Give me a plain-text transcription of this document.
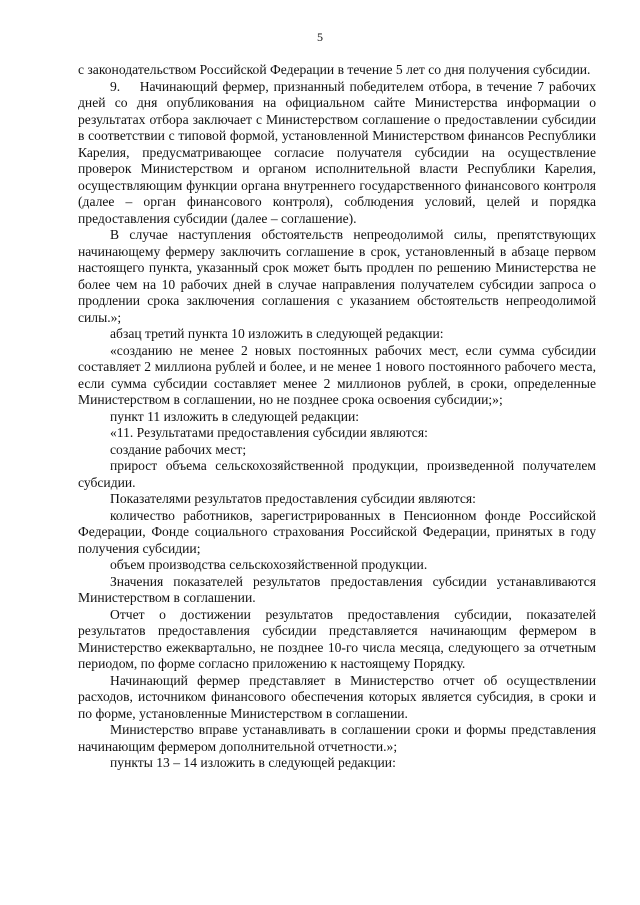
5

с законодательством Российской Федерации в течение 5 лет со дня получения субсидии.

9.    Начинающий фермер, признанный победителем отбора, в течение 7 рабочих дней со дня опубликования на официальном сайте Министерства информации о результатах отбора заключает с Министерством соглашение о предоставлении субсидии в соответствии с типовой формой, установленной Министерством финансов Республики Карелия, предусматривающее согласие получателя субсидии на осуществление проверок Министерством и органом исполнительной власти Республики Карелия, осуществляющим функции органа внутреннего государственного финансового контроля (далее – орган финансового контроля), соблюдения условий, целей и порядка предоставления субсидии (далее – соглашение).

В случае наступления обстоятельств непреодолимой силы, препятствующих начинающему фермеру заключить соглашение в срок, установленный в абзаце первом настоящего пункта, указанный срок может быть продлен по решению Министерства не более чем на 10 рабочих дней в случае направления получателем субсидии запроса о продлении срока заключения соглашения с указанием обстоятельств непреодолимой силы.»;

абзац третий пункта 10 изложить в следующей редакции:

«созданию не менее 2 новых постоянных рабочих мест, если сумма субсидии составляет 2 миллиона рублей и более, и не менее 1 нового постоянного рабочего места, если сумма субсидии составляет менее 2 миллионов рублей, в сроки, определенные Министерством в соглашении, но не позднее срока освоения субсидии;»;

пункт 11 изложить в следующей редакции:

«11. Результатами предоставления субсидии являются:

создание рабочих мест;

прирост объема сельскохозяйственной продукции, произведенной получателем субсидии.

Показателями результатов предоставления субсидии являются:

количество работников, зарегистрированных в Пенсионном фонде Российской Федерации, Фонде социального страхования Российской Федерации, принятых в году получения субсидии;

объем производства сельскохозяйственной продукции.

Значения показателей результатов предоставления субсидии устанавливаются Министерством в соглашении.

Отчет о достижении результатов предоставления субсидии, показателей результатов предоставления субсидии представляется начинающим фермером в Министерство ежеквартально, не позднее 10-го числа месяца, следующего за отчетным периодом, по форме согласно приложению к настоящему Порядку.

Начинающий фермер представляет в Министерство отчет об осуществлении расходов, источником финансового обеспечения которых является субсидия, в сроки и по форме, установленные Министерством в соглашении.

Министерство вправе устанавливать в соглашении сроки и формы представления начинающим фермером дополнительной отчетности.»;

пункты 13 – 14 изложить в следующей редакции:
